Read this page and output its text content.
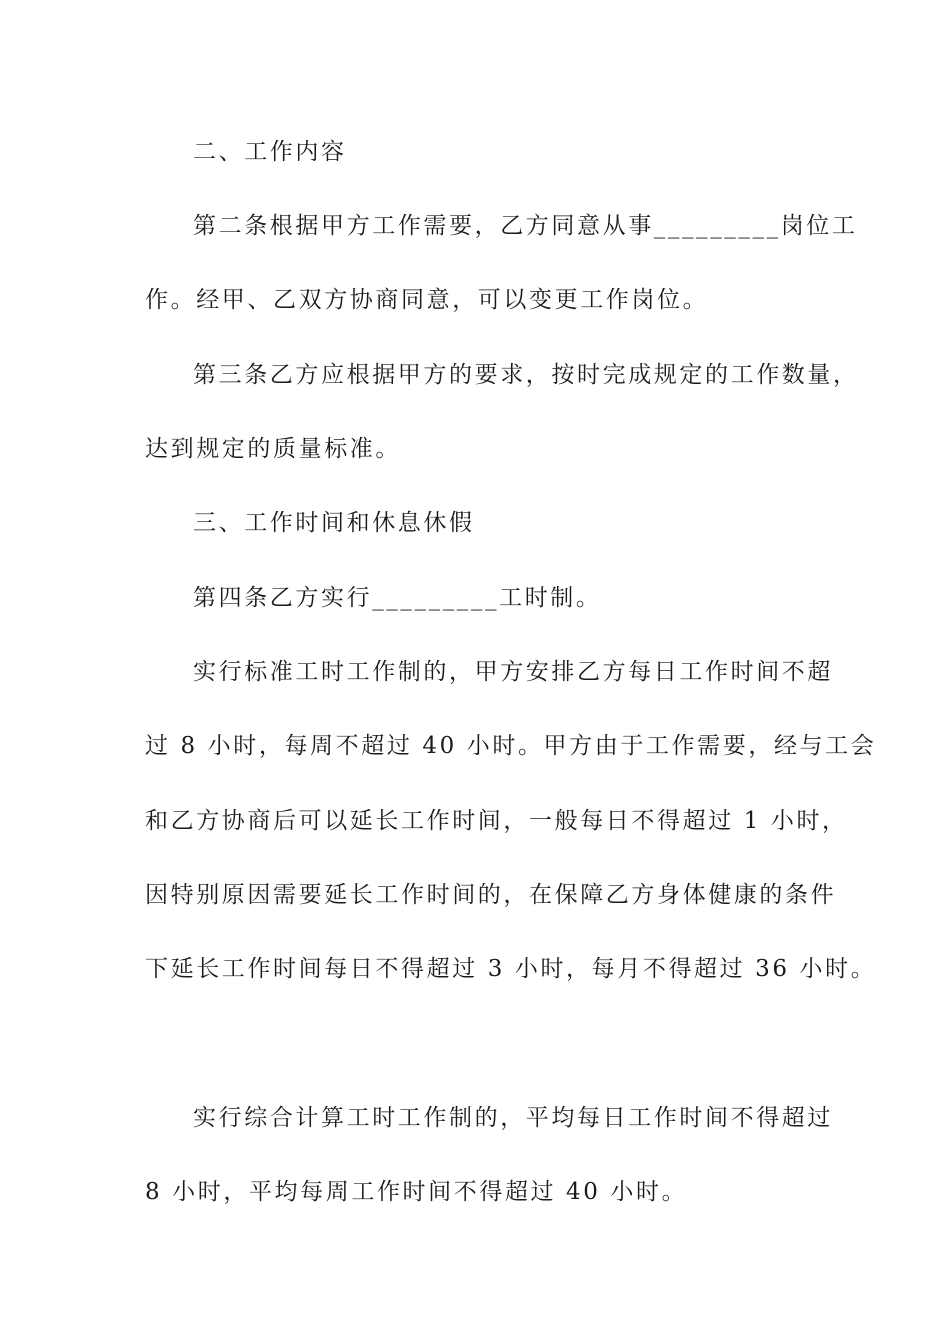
二、工作内容
第二条根据甲方工作需要，乙方同意从事_________岗位工
作。经甲、乙双方协商同意，可以变更工作岗位。
第三条乙方应根据甲方的要求，按时完成规定的工作数量，
达到规定的质量标准。
三、工作时间和休息休假
第四条乙方实行_________工时制。
实行标准工时工作制的，甲方安排乙方每日工作时间不超
过 8 小时，每周不超过 40 小时。甲方由于工作需要，经与工会
和乙方协商后可以延长工作时间，一般每日不得超过 1 小时，
因特别原因需要延长工作时间的，在保障乙方身体健康的条件
下延长工作时间每日不得超过 3 小时，每月不得超过 36 小时。
实行综合计算工时工作制的，平均每日工作时间不得超过
8 小时，平均每周工作时间不得超过 40 小时。
